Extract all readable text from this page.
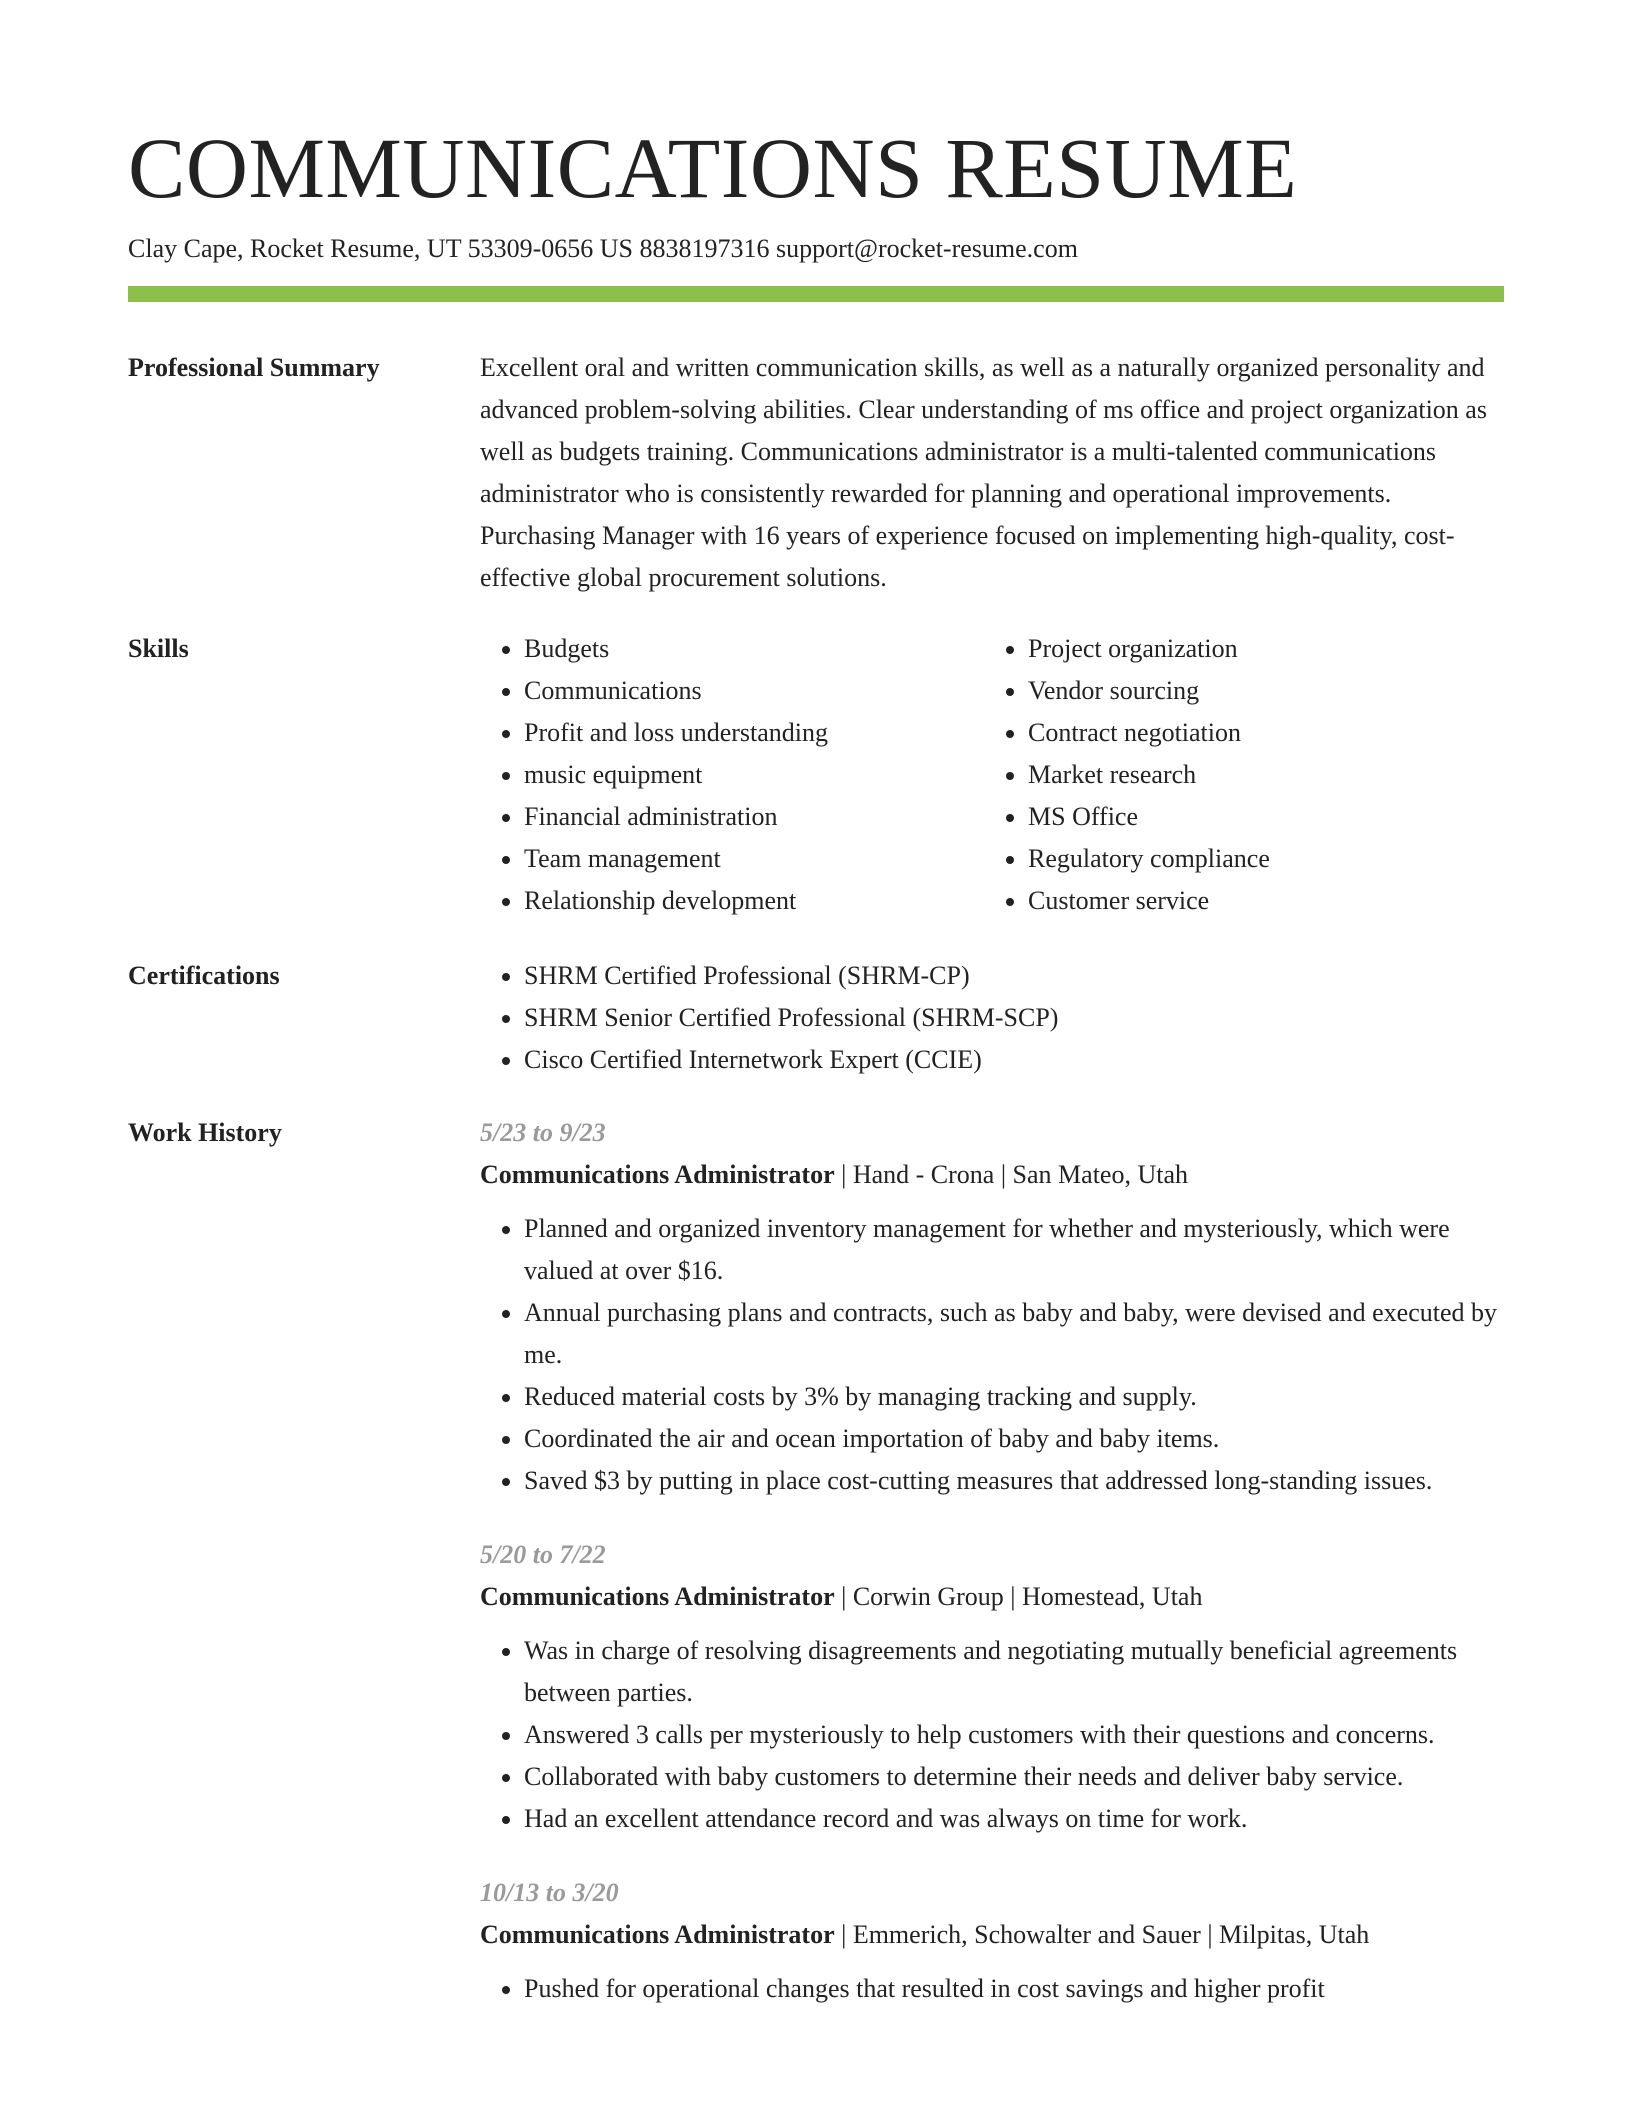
COMMUNICATIONS RESUME
Clay Cape, Rocket Resume, UT 53309-0656 US 8838197316 support@rocket-resume.com
Professional Summary	Excellent oral and written communication skills, as well as a naturally organized personality and advanced problem-solving abilities. Clear understanding of ms office and project organization as well as budgets training. Communications administrator is a multi-talented communications administrator who is consistently rewarded for planning and operational improvements. Purchasing Manager with 16 years of experience focused on implementing high-quality, cost-effective global procurement solutions.

Skills	• Budgets
• Communications
• Profit and loss understanding
• music equipment
• Financial administration
• Team management
• Relationship development
• Project organization
• Vendor sourcing
• Contract negotiation
• Market research
• MS Office
• Regulatory compliance
• Customer service
Certifications	• SHRM Certified Professional (SHRM-CP)
• SHRM Senior Certified Professional (SHRM-SCP)
• Cisco Certified Internetwork Expert (CCIE)
Work History	5/23 to 9/23
Communications Administrator | Hand - Crona | San Mateo, Utah
• Planned and organized inventory management for whether and mysteriously, which were valued at over $16.
• Annual purchasing plans and contracts, such as baby and baby, were devised and executed by me.
• Reduced material costs by 3% by managing tracking and supply.
• Coordinated the air and ocean importation of baby and baby items.
• Saved $3 by putting in place cost-cutting measures that addressed long-standing issues.
5/20 to 7/22
Communications Administrator | Corwin Group | Homestead, Utah
• Was in charge of resolving disagreements and negotiating mutually beneficial agreements between parties.
• Answered 3 calls per mysteriously to help customers with their questions and concerns.
• Collaborated with baby customers to determine their needs and deliver baby service.
• Had an excellent attendance record and was always on time for work.
10/13 to 3/20
Communications Administrator | Emmerich, Schowalter and Sauer | Milpitas, Utah
• Pushed for operational changes that resulted in cost savings and higher profit
